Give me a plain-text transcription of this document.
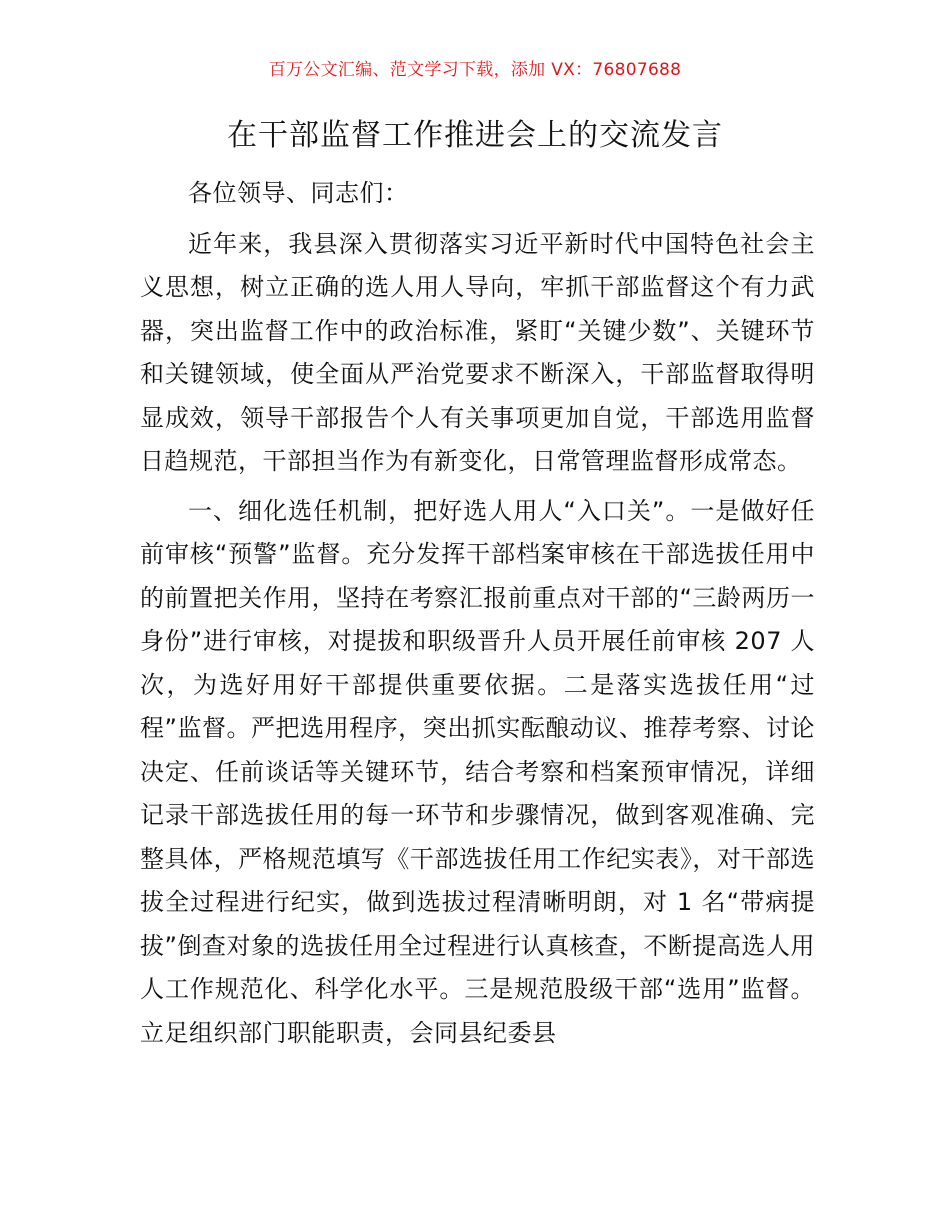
百万公文汇编、范文学习下载，添加 VX：76807688
在干部监督工作推进会上的交流发言

各位领导、同志们：

近年来，我县深入贯彻落实习近平新时代中国特色社会主义思想，树立正确的选人用人导向，牢抓干部监督这个有力武器，突出监督工作中的政治标准，紧盯“关键少数”、关键环节和关键领域，使全面从严治党要求不断深入，干部监督取得明显成效，领导干部报告个人有关事项更加自觉，干部选用监督日趋规范，干部担当作为有新变化，日常管理监督形成常态。

一、细化选任机制，把好选人用人“入口关”。一是做好任前审核“预警”监督。充分发挥干部档案审核在干部选拔任用中的前置把关作用，坚持在考察汇报前重点对干部的“三龄两历一身份”进行审核，对提拔和职级晋升人员开展任前审核 207 人次，为选好用好干部提供重要依据。二是落实选拔任用“过程”监督。严把选用程序，突出抓实酝酿动议、推荐考察、讨论决定、任前谈话等关键环节，结合考察和档案预审情况，详细记录干部选拔任用的每一环节和步骤情况，做到客观准确、完整具体，严格规范填写《干部选拔任用工作纪实表》，对干部选拔全过程进行纪实，做到选拔过程清晰明朗，对 1 名“带病提拔”倒查对象的选拔任用全过程进行认真核查，不断提高选人用人工作规范化、科学化水平。三是规范股级干部“选用”监督。立足组织部门职能职责，会同县纪委县
